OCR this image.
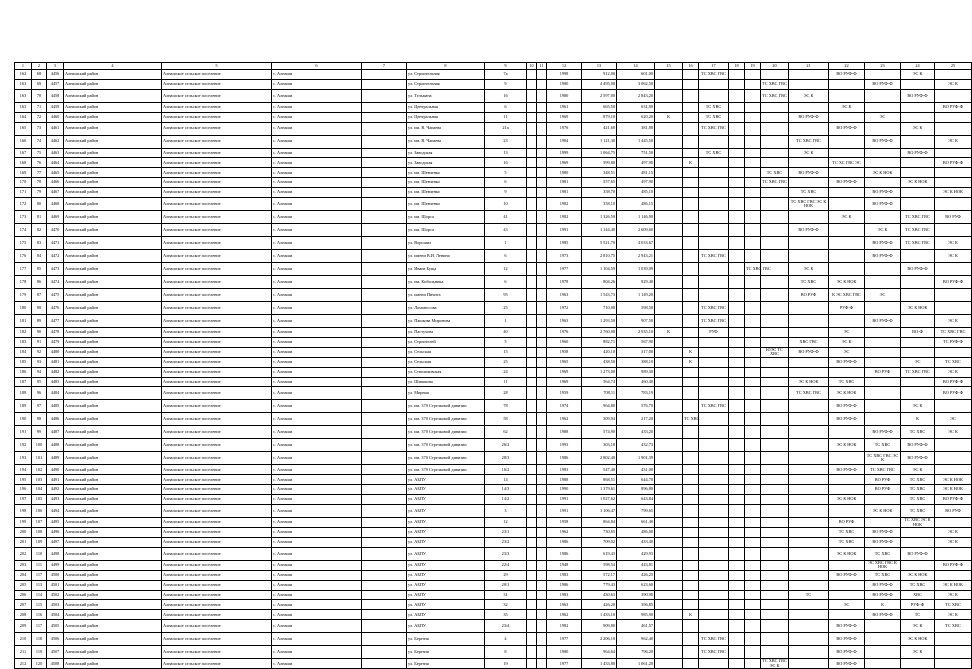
1	2	3	4	5	6	7	8	9	10	11	12	13	14	15	16	17	18	19	20	21	22	23	24	25
162	68	4456	Алнашский район	Алнашское сельское поселение	с. Алнаши		ул. Строительная	7a			1998	912,00	601,00			ТС ХВС ГВС					ВО РУФ-Ф		ЭС К	
163	69	4457	Алнашский район	Алнашское сельское поселение	с. Алнаши		ул. Строительная	9			1980	4 495,00	3 062,50						ТС ХВС ГВС			ВО РУФ-Ф		ЭС К
163	70	4458	Алнашский район	Алнашское сельское поселение	с. Алнаши		ул. Тельмана	16			1980	2 597,00	2 843,20						ТС ХВС ГВС	ЭС К			ВО РУФ-Ф	
163	71	4459	Алнашский район	Алнашское сельское поселение	с. Алнаши		ул. Центральная	6			1961	665,50	631,90			ТС ХВС					ЭС К			ВО РУФ-Ф
164	72	4460	Алнашский район	Алнашское сельское поселение	с. Алнаши		ул. Центральная	11			1969	879,10	620,20	К		ТС ХВС				ВО РУФ-Ф		ЭС		
165	73	4461	Алнашский район	Алнашское сельское поселение	с. Алнаши		ул. им. В. Чапаева	21а			1976	421,60	381,80			ТС ХВС ГВС					ВО РУФ-Ф		ЭС К	
166	74	4462	Алнашский район	Алнашское сельское поселение	с. Алнаши		ул. им. В. Чапаева	23			1984	1 121,30	1 445,50							ТС ХВС ГВС		ВО РУФ-Ф		ЭС К
167	75	4463	Алнашский район	Алнашское сельское поселение	с. Алнаши		ул. Заводская	13			1999	1 064,75	751,50			ТС ХВС				ЭС К			ВО РУФ-Ф	
168	76	4464	Алнашский район	Алнашское сельское поселение	с. Алнаши		ул. Заводская	16			1969	599,80	497,90		К						ТС ХС ГВС ЭС			ВО РУФ-Ф
169	77	4465	Алнашский район	Алнашское сельское поселение	с. Алнаши		ул. им. Шевченко	5			1980	348,51	481,15						ТС ХВС	ВО РУФ-Ф		ЭС К НОК		
170	78	4466	Алнашский район	Алнашское сельское поселение	с. Алнаши		ул. им. Шевченко	6			1981	557,65	497,90						ТС ХВС ГВС		ВО РУФ-Ф		ЭС К НОК	
171	79	4467	Алнашский район	Алнашское сельское поселение	с. Алнаши		ул. им. Шевченко	9			1981	358,70	485,10							ТС ХВС		ВО РУФ-Ф		ЭС К НОК
172	80	4468	Алнашский район	Алнашское сельское поселение	с. Алнаши		ул. им. Шевченко	10			1982	358,10	486,15							ТС ХВС ГВС ЭС К НОК		ВО РУФ-Ф		
173	81	4469	Алнашский район	Алнашское сельское поселение	с. Алнаши		ул. им. Шорса	41			1982	1 326,50	1 146,90								ЭС К		ТС ХВС ГВС	ВО РУФ
174	82	4470	Алнашский район	Алнашское сельское поселение	с. Алнаши		ул. им. Шорса	43			1991	1 144,40	2 609,60							ВО РУФ-Ф		ЭС К	ТС ХВС ГВС	
175	83	4471	Алнашский район	Алнашское сельское поселение	с. Алнаши		ул. Ворошил	1			1985	5 521,70	4 033,67									ВО РУФ-Ф	ТС ХВС ГВС	ЭС К
176	84	4472	Алнашский район	Алнашское сельское поселение	с. Алнаши		ул. имени В.И. Ленина	6			1973	2 810,75	2 943,21			ТС ХВС ГВС						ВО РУФ-Ф		ЭС К
177	85	4473	Алнашский район	Алнашское сельское поселение	с. Алнаши		ул. Ивана Буща	12			1977	1 104,59	1 039,09					ТС ХВС ГВС		ЭС К			ВО РУФ-Ф	
178	86	4474	Алнашский район	Алнашское сельское поселение	с. Алнаши		ул. им. Кибальника	6			1978	804,26	829,40							ТС ХВС	ЭС К НОК			ВО РУФ-Ф
179	87	4475	Алнашский район	Алнашское сельское поселение	с. Алнаши		ул. имени Пичита	95			1963	1 543,73	1 149,20							ВО РУФ	К ЭС ХВС ГВС	ЭС		
180	88	4476	Алнашский район	Алнашское сельское поселение	с. Алнаши		ул. Ломоносова	25			1972	710,00	598,50			ТС ХВС ГВС					РУФ-Ф		ЭС К НОК	
181	89	4477	Алнашский район	Алнашское сельское поселение	с. Алнаши		ул. Пашкова Миронова	1			1963	1 293,50	907,50			ТС ХВС ГВС						ВО РУФ-Ф		ЭС К
182	90	4478	Алнашский район	Алнашское сельское поселение	с. Алнаши		ул. Пастухова	40			1976	2 760,00	2 935,10	К		РУФ					ЭС		ВО-Ф	ТС ХВС ГВС
183	91	4479	Алнашский район	Алнашское сельское поселение	с. Алнаши		ул. Строителей	5			1960	882,71	567,90							ХВС ГВС	ЭС К			ТС РУФ-Ф
184	92	4480	Алнашский район	Алнашское сельское поселение	с. Алнаши		ул. Сельская	15			1958	420,10	317,00		К				ЮЭС ТС ХВС	ВО РУФ-Ф	ЭС			
185	93	4481	Алнашский район	Алнашское сельское поселение	с. Алнаши		ул. Сельская	25			1965	438,50	388,10		К						ВО РУФ-Ф		ЭС	ТС ХВС
186	94	4482	Алнашский район	Алнашское сельское поселение	с. Алнаши		ул. Стволиковская	24			1969	1 273,00	989,30									ВО РУФ	ТС ХВС ГВС	ЭС К
187	95	4483	Алнашский район	Алнашское сельское поселение	с. Алнаши		ул. Шишкина	11			1969	564,74	460,40							ЭС К НОК	ТС ХВС			ВО РУФ-Ф
188	96	4484	Алнашский район	Алнашское сельское поселение	с. Алнаши		ул. Мирная	28			1959	708,11	783,19							ТС ХВС ГВС	ЭС К НОК			ВО РУФ-Ф
189	97	4485	Алнашский район	Алнашское сельское поселение	с. Алнаши		ул. им. 370 Стрелковой дивизии	78			1974	964,80	576,70			ТС ХВС ГВС					ВО РУФ-Ф		ЭС К	
190	98	4486	Алнашский район	Алнашское сельское поселение	с. Алнаши		ул. им. 370 Стрелковой дивизии	58			1962	309,94	217,20		ТС ХВС						ВО РУФ-Ф		К	ЭС
191	99	4487	Алнашский район	Алнашское сельское поселение	с. Алнаши		ул. им. 370 Стрелковой дивизии	62			1988	574,90	433,20									ВО РУФ-Ф	ТС ХВС	ЭС К
192	100	4488	Алнашский район	Алнашское сельское поселение	с. Алнаши		ул. им. 370 Стрелковой дивизии	26/2			1993	303,18	432,73								ЭС К НОК	ТС ХВС	ВО РУФ-Ф	
193	101	4489	Алнашский район	Алнашское сельское поселение	с. Алнаши		ул. им. 370 Стрелковой дивизии	28/3			1986	2 802,40	1 901,39									ТС ХВС ГВС ЭС К	ВО РУФ-Ф	
194	102	4490	Алнашский район	Алнашское сельское поселение	с. Алнаши		ул. им. 370 Стрелковой дивизии	16/2			1983	547,40	431,00								ВО РУФ-Ф	ТС ХВС ГВС	ЭС К	
195	103	4491	Алнашский район	Алнашское сельское поселение	с. Алнаши		ул. АБПУ	14			1988	868,51	644,70									ВО РУФ	ТС ХВС	ЭС К НОК
196	104	4492	Алнашский район	Алнашское сельское поселение	с. Алнаши		ул. АБПУ	14/3			1990	1 379,61	896,80									ВО РУФ	ТС ХВС	ЭС К НОК
197	105	4493	Алнашский район	Алнашское сельское поселение	с. Алнаши		ул. АБПУ	14/2			1991	1 027,62	643,84								ЭС К НОК		ТС ХВС	ВО РУФ-Ф
198	106	4494	Алнашский район	Алнашское сельское поселение	с. Алнаши		ул. АБПУ	3			1991	1 106,47	799,65									ЭС К НОК	ТС ХВС	ВО РУФ
199	107	4495	Алнашский район	Алнашское сельское поселение	с. Алнаши		ул. АБПУ	12			1958	864,84	661,40								ВО РУФ		ТС ХВС ЭС К НОК	
200	108	4496	Алнашский район	Алнашское сельское поселение	с. Алнаши		ул. АБПУ	23/1			1962	730,65	486,00								ТС ХВС	ВО РУФ-Ф		ЭС К
201	109	4497	Алнашский район	Алнашское сельское поселение	с. Алнаши		ул. АБПУ	23/2			1986	709,02	433,40								ТС ХВС	ВО РУФ-Ф		ЭС К
202	110	4498	Алнашский район	Алнашское сельское поселение	с. Алнаши		ул. АБПУ	23/3			1986	619,43	429,93								ЭС К НОК	ТС ХВС	ВО РУФ-Ф	
203	111	4499	Алнашский район	Алнашское сельское поселение	с. Алнаши		ул. АБПУ	22/4			1948	598,54	443,81									ЭС ХВС ГВС К НОК		ВО РУФ-Ф
204	117	4500	Алнашский район	Алнашское сельское поселение	с. Алнаши		ул. АБПУ	29			1983	572,17	426,25								ВО РУФ-Ф	ТС ХВС	ЭС К НОК	
205	113	4501	Алнашский район	Алнашское сельское поселение	с. Алнаши		ул. АБПУ	20/1			1986	779,43	623,60									ВО РУФ-Ф	ТС ХВС	ЭС К НОК
206	114	4502	Алнашский район	Алнашское сельское поселение	с. Алнаши		ул. АБПУ	31			1983	430,63	390,90							ТС		ВО РУФ-Ф	ХВС	ЭС К
207	115	4503	Алнашский район	Алнашское сельское поселение	с. Алнаши		ул. АБПУ	32			1963	426,20	396,85								ЭС	К	РУФ-Ф	ТС ХВС
208	116	4504	Алнашский район	Алнашское сельское поселение	с. Алнаши		ул. АБПУ	35			1962	1 433,10	985,90		К							ВО РУФ-Ф	ТС	ЭС К
209	117	4505	Алнашский район	Алнашское сельское поселение	с. Алнаши		ул. АБПУ	23/4			1982	909,80	461,57								ВО РУФ-Ф		ЭС К	ТС ХВС
210	118	4506	Алнашский район	Алнашское сельское поселение	с. Алнаши		ул. Березня	4			1977	2 206,10	962,40			ТС ХВС ГВС					ВО РУФ-Ф		ЭС К НОК	
211	119	4507	Алнашский район	Алнашское сельское поселение	с. Алнаши		ул. Березня	8			1980	964,64	796,20			ТС ХВС ГВС					ВО РУФ-Ф		ЭС К	
212	120	4508	Алнашский район	Алнашское сельское поселение	с. Алнаши		ул. Березня	19			1977	1 433,80	1 061,20						ТС ХВС ГВС ЭС К		ВО РУФ-Ф			
